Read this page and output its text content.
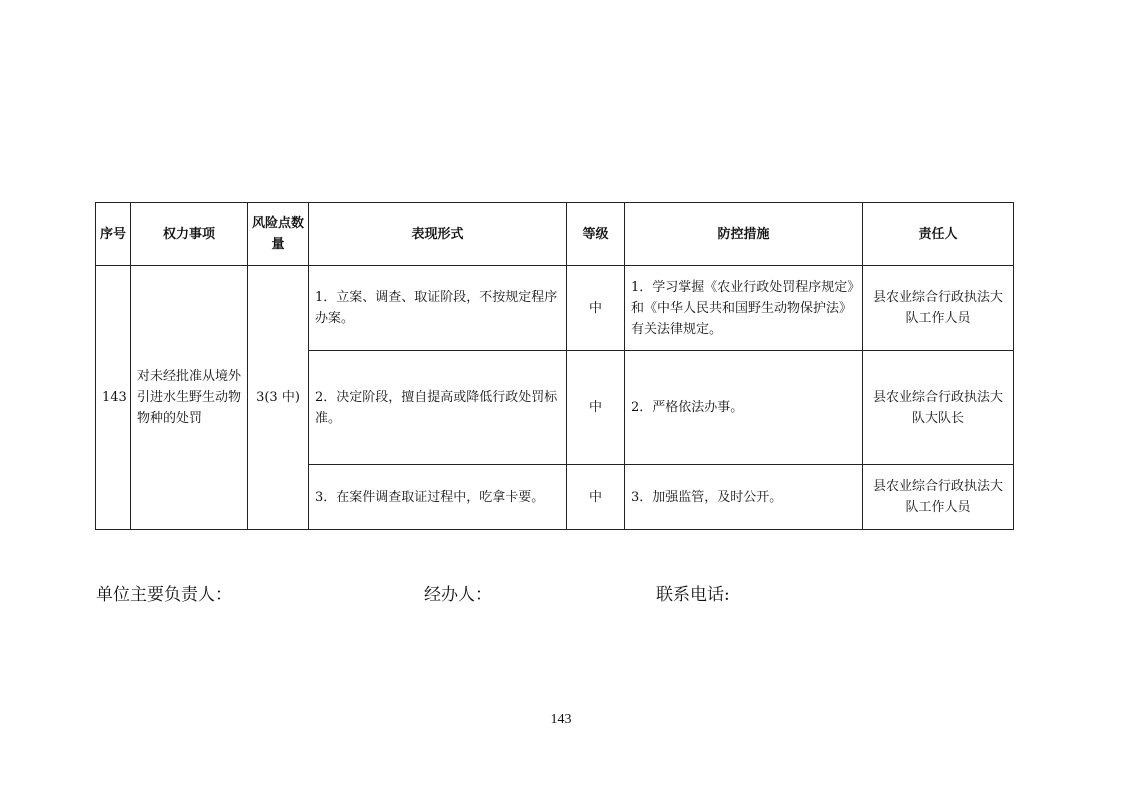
序号	权力事项	风险点数量	表现形式	等级	防控措施	责任人
143	对未经批准从境外引进水生野生动物物种的处罚	3(3 中)	1．立案、调查、取证阶段，不按规定程序办案。	中	1．学习掌握《农业行政处罚程序规定》和《中华人民共和国野生动物保护法》有关法律规定。	县农业综合行政执法大队工作人员
			2．决定阶段，擅自提高或降低行政处罚标准。	中	2．严格依法办事。	县农业综合行政执法大队大队长
			3．在案件调查取证过程中，吃拿卡要。	中	3．加强监管，及时公开。	县农业综合行政执法大队工作人员
单位主要负责人：	经办人：	联系电话:
143
